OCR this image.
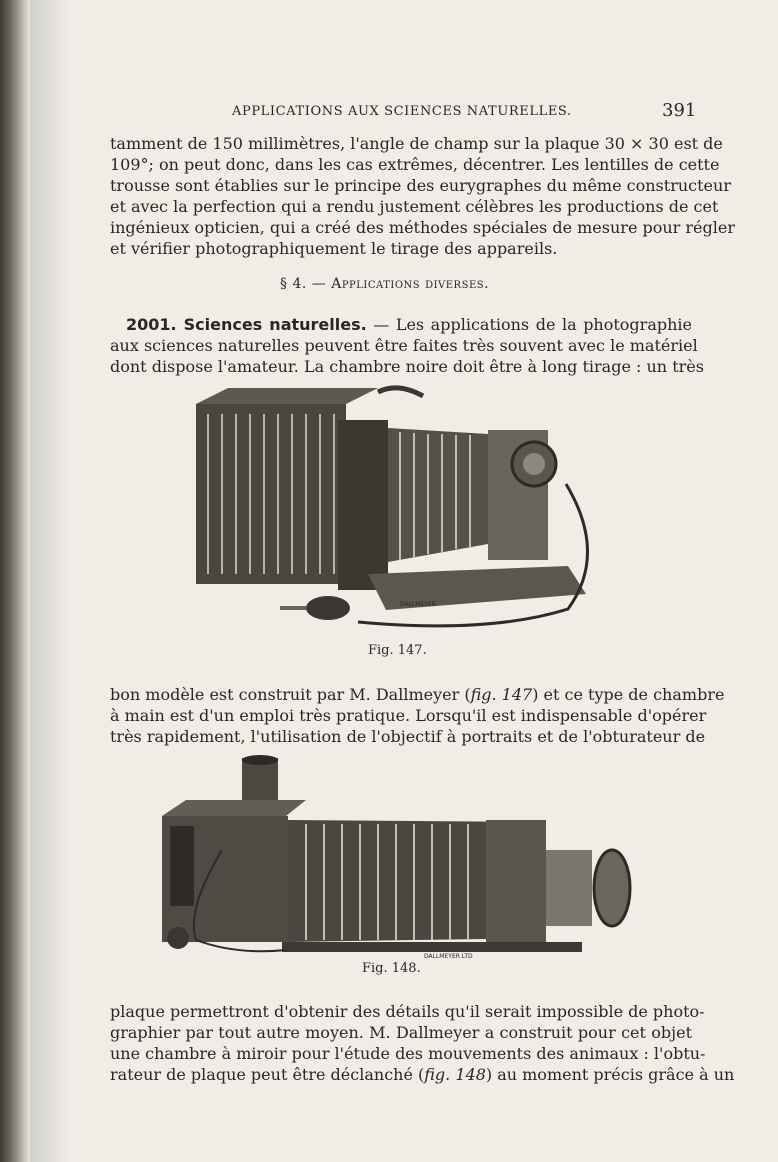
APPLICATIONS AUX SCIENCES NATURELLES.	391
tamment de 150 millimètres, l'angle de champ sur la plaque 30 × 30 est de
109°; on peut donc, dans les cas extrêmes, décentrer. Les lentilles de cette
trousse sont établies sur le principe des eurygraphes du même constructeur
et avec la perfection qui a rendu justement célèbres les productions de cet
ingénieux opticien, qui a créé des méthodes spéciales de mesure pour régler
et vérifier photographiquement le tirage des appareils.
§ 4. — Applications diverses.
2001. Sciences naturelles. — Les applications de la photographie
aux sciences naturelles peuvent être faites très souvent avec le matériel
dont dispose l'amateur. La chambre noire doit être à long tirage : un très
DALLMEYER.
Fig. 147.
bon modèle est construit par M. Dallmeyer (fig. 147) et ce type de chambre
à main est d'un emploi très pratique. Lorsqu'il est indispensable d'opérer
très rapidement, l'utilisation de l'objectif à portraits et de l'obturateur de
DALLMEYER LTD
Fig. 148.
plaque permettront d'obtenir des détails qu'il serait impossible de photo-
graphier par tout autre moyen. M. Dallmeyer a construit pour cet objet
une chambre à miroir pour l'étude des mouvements des animaux : l'obtu-
rateur de plaque peut être déclanché (fig. 148) au moment précis grâce à un
